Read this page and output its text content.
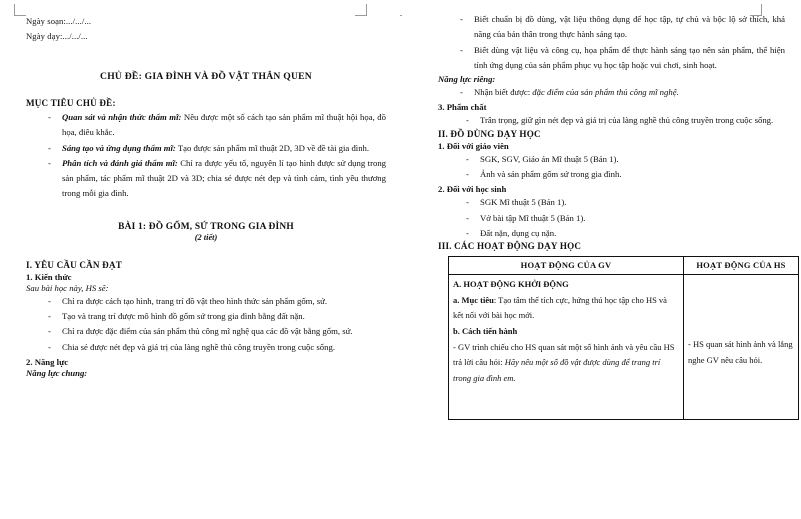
Ngày soạn:.../.../...
Ngày dạy:.../.../...
CHỦ ĐỀ: GIA ĐÌNH VÀ ĐỒ VẬT THÂN QUEN
MỤC TIÊU CHỦ ĐỀ:
- Quan sát và nhận thức thẩm mĩ: Nêu được một số cách tạo sản phẩm mĩ thuật hội họa, đồ họa, điêu khắc.
- Sáng tạo và ứng dụng thẩm mĩ: Tạo được sản phẩm mĩ thuật 2D, 3D về đề tài gia đình.
- Phân tích và đánh giá thẩm mĩ: Chỉ ra được yếu tố, nguyên lí tạo hình được sử dụng trong sản phẩm, tác phẩm mĩ thuật 2D và 3D; chia sẻ được nét đẹp và tình cảm, tình yêu thương trong mỗi gia đình.
BÀI 1: ĐỒ GỐM, SỨ TRONG GIA ĐÌNH
(2 tiết)
I. YÊU CẦU CẦN ĐẠT
1. Kiến thức
Sau bài học này, HS sẽ:
- Chỉ ra được cách tạo hình, trang trí đồ vật theo hình thức sản phẩm gốm, sứ.
- Tạo và trang trí được mô hình đồ gốm sứ trong gia đình bằng đất nặn.
- Chỉ ra được đặc điểm của sản phẩm thủ công mĩ nghệ qua các đồ vật bằng gốm, sứ.
- Chia sẻ được nét đẹp và giá trị của làng nghề thủ công truyền trong cuộc sống.
2. Năng lực
Năng lực chung:
- Biết chuẩn bị đồ dùng, vật liệu thông dụng để học tập, tự chủ và bộc lộ sở thích, khả năng của bản thân trong thực hành sáng tạo.
- Biết dùng vật liệu và công cụ, họa phẩm để thực hành sáng tạo nên sản phẩm, thể hiện tính ứng dụng của sản phẩm phục vụ học tập hoặc vui chơi, sinh hoạt.
Năng lực riêng:
- Nhận biết được: đặc điểm của sản phẩm thủ công mĩ nghệ.
3. Phẩm chất
- Trân trọng, giữ gìn nét đẹp và giá trị của làng nghề thủ công truyền trong cuộc sống.
II. ĐỒ DÙNG DẠY HỌC
1. Đối với giáo viên
- SGK, SGV, Giáo án Mĩ thuật 5 (Bản 1).
- Ảnh và sản phẩm gốm sứ trong gia đình.
2. Đối với học sinh
- SGK Mĩ thuật 5 (Bản 1).
- Vở bài tập Mĩ thuật 5 (Bản 1).
- Đất nặn, dụng cụ nặn.
III. CÁC HOẠT ĐỘNG DẠY HỌC
HOẠT ĐỘNG CỦA GV	HOẠT ĐỘNG CỦA HS

A. HOẠT ĐỘNG KHỞI ĐỘNG

a. Mục tiêu: Tạo tâm thế tích cực, hứng thú học tập cho HS và kết nối với bài học mới.

b. Cách tiến hành

- GV trình chiếu cho HS quan sát một số hình ảnh và yêu cầu HS trả lời câu hỏi: Hãy nêu một số đồ vật được dùng để trang trí trong gia đình em.	- HS quan sát hình ảnh và lắng nghe GV nêu câu hỏi.
